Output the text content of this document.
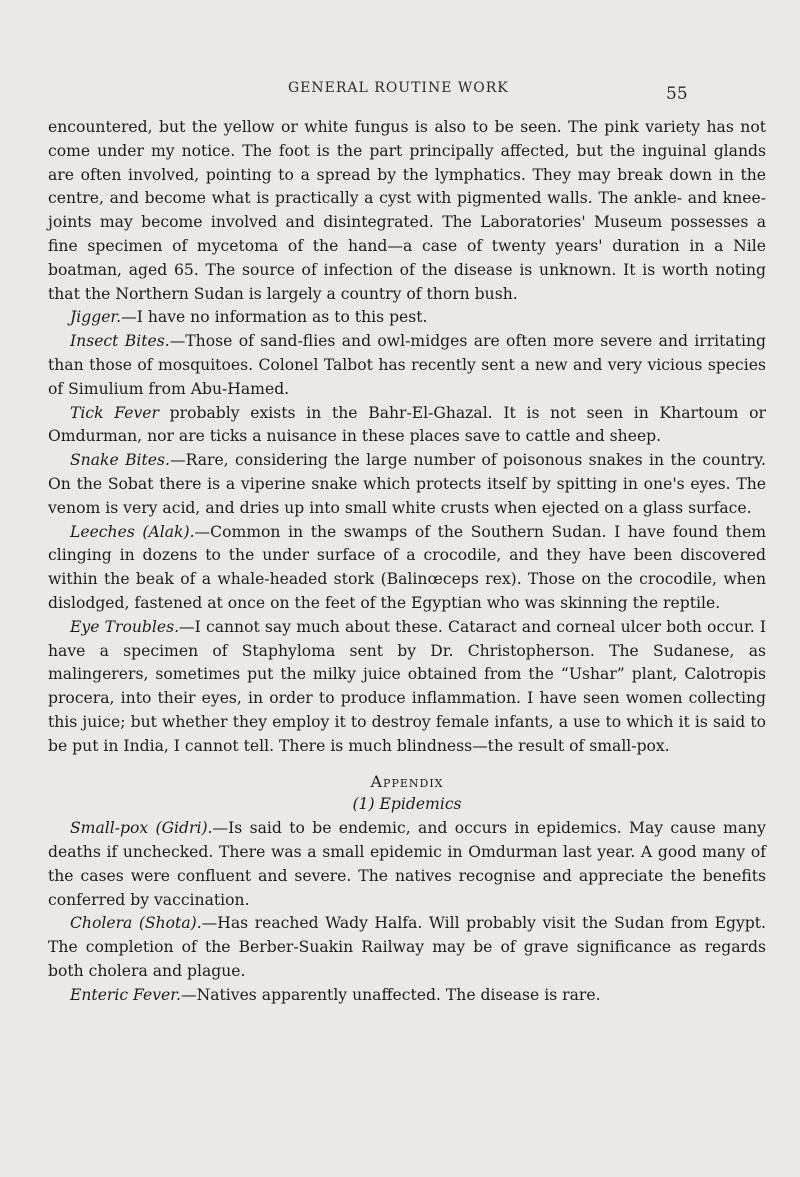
GENERAL ROUTINE WORK	55

encountered, but the yellow or white fungus is also to be seen. The pink variety has not come under my notice. The foot is the part principally affected, but the inguinal glands are often involved, pointing to a spread by the lymphatics. They may break down in the centre, and become what is practically a cyst with pigmented walls. The ankle- and knee-joints may become involved and disintegrated. The Laboratories' Museum possesses a fine specimen of mycetoma of the hand—a case of twenty years' duration in a Nile boatman, aged 65. The source of infection of the disease is unknown. It is worth noting that the Northern Sudan is largely a country of thorn bush.

Jigger.—I have no information as to this pest.

Insect Bites.—Those of sand-flies and owl-midges are often more severe and irritating than those of mosquitoes. Colonel Talbot has recently sent a new and very vicious species of Simulium from Abu-Hamed.

Tick Fever probably exists in the Bahr-El-Ghazal. It is not seen in Khartoum or Omdurman, nor are ticks a nuisance in these places save to cattle and sheep.

Snake Bites.—Rare, considering the large number of poisonous snakes in the country. On the Sobat there is a viperine snake which protects itself by spitting in one's eyes. The venom is very acid, and dries up into small white crusts when ejected on a glass surface.

Leeches (Alak).—Common in the swamps of the Southern Sudan. I have found them clinging in dozens to the under surface of a crocodile, and they have been discovered within the beak of a whale-headed stork (Balinœceps rex). Those on the crocodile, when dislodged, fastened at once on the feet of the Egyptian who was skinning the reptile.

Eye Troubles.—I cannot say much about these. Cataract and corneal ulcer both occur. I have a specimen of Staphyloma sent by Dr. Christopherson. The Sudanese, as malingerers, sometimes put the milky juice obtained from the “Ushar” plant, Calotropis procera, into their eyes, in order to produce inflammation. I have seen women collecting this juice; but whether they employ it to destroy female infants, a use to which it is said to be put in India, I cannot tell. There is much blindness—the result of small-pox.

Appendix

(1) Epidemics

Small-pox (Gidri).—Is said to be endemic, and occurs in epidemics. May cause many deaths if unchecked. There was a small epidemic in Omdurman last year. A good many of the cases were confluent and severe. The natives recognise and appreciate the benefits conferred by vaccination.

Cholera (Shota).—Has reached Wady Halfa. Will probably visit the Sudan from Egypt. The completion of the Berber-Suakin Railway may be of grave significance as regards both cholera and plague.

Enteric Fever.—Natives apparently unaffected. The disease is rare.
